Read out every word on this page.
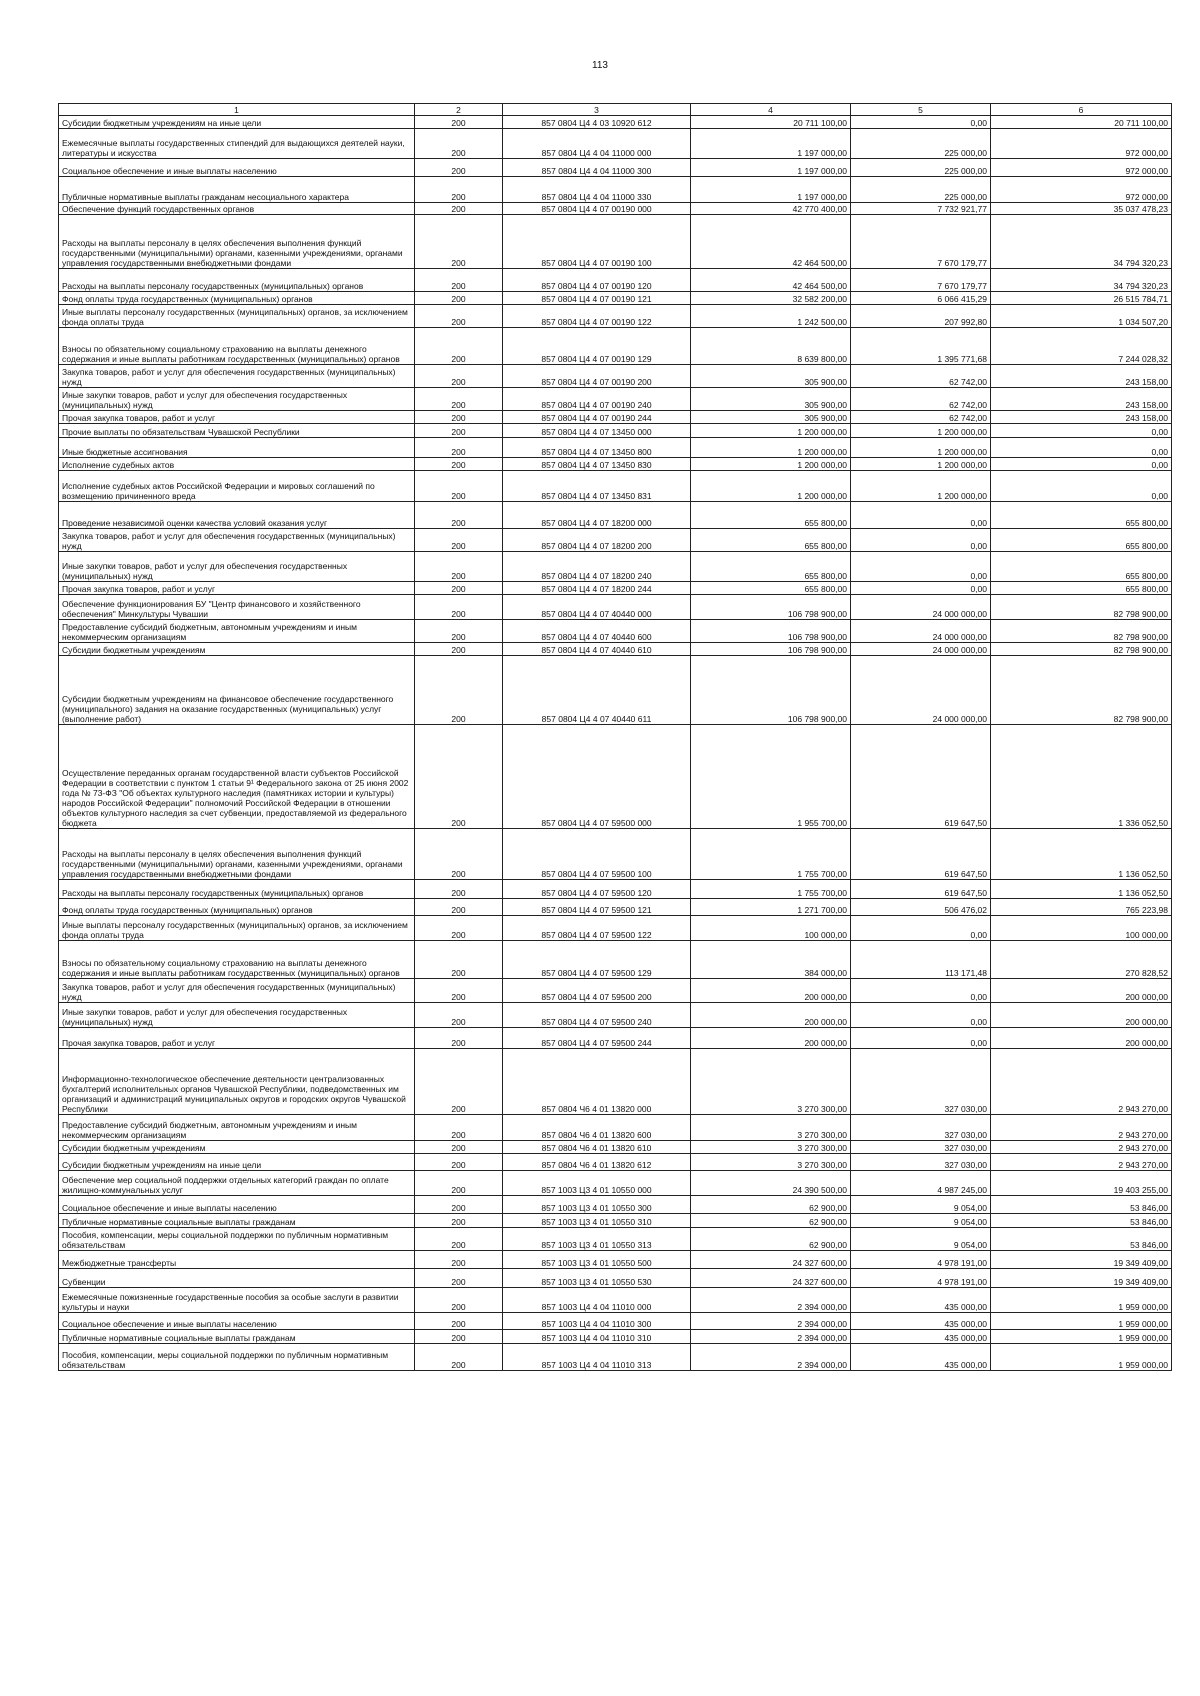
113
1	2	3	4	5	6
Субсидии бюджетным учреждениям на иные цели	200	857 0804 Ц4 4 03 10920 612	20 711 100,00	0,00	20 711 100,00
Ежемесячные выплаты государственных стипендий для выдающихся деятелей науки, литературы и искусства	200	857 0804 Ц4 4 04 11000 000	1 197 000,00	225 000,00	972 000,00
Социальное обеспечение и иные выплаты населению	200	857 0804 Ц4 4 04 11000 300	1 197 000,00	225 000,00	972 000,00
Публичные нормативные выплаты гражданам несоциального характера	200	857 0804 Ц4 4 04 11000 330	1 197 000,00	225 000,00	972 000,00
Обеспечение функций государственных органов	200	857 0804 Ц4 4 07 00190 000	42 770 400,00	7 732 921,77	35 037 478,23
Расходы на выплаты персоналу в целях обеспечения выполнения функций государственными (муниципальными) органами, казенными учреждениями, органами управления государственными внебюджетными фондами	200	857 0804 Ц4 4 07 00190 100	42 464 500,00	7 670 179,77	34 794 320,23
Расходы на выплаты персоналу государственных (муниципальных) органов	200	857 0804 Ц4 4 07 00190 120	42 464 500,00	7 670 179,77	34 794 320,23
Фонд оплаты труда государственных (муниципальных) органов	200	857 0804 Ц4 4 07 00190 121	32 582 200,00	6 066 415,29	26 515 784,71
Иные выплаты персоналу государственных (муниципальных) органов, за исключением фонда оплаты труда	200	857 0804 Ц4 4 07 00190 122	1 242 500,00	207 992,80	1 034 507,20
Взносы по обязательному социальному страхованию на выплаты денежного содержания и иные выплаты работникам государственных (муниципальных) органов	200	857 0804 Ц4 4 07 00190 129	8 639 800,00	1 395 771,68	7 244 028,32
Закупка товаров, работ и услуг для обеспечения государственных (муниципальных) нужд	200	857 0804 Ц4 4 07 00190 200	305 900,00	62 742,00	243 158,00
Иные закупки товаров, работ и услуг для обеспечения государственных (муниципальных) нужд	200	857 0804 Ц4 4 07 00190 240	305 900,00	62 742,00	243 158,00
Прочая закупка товаров, работ и услуг	200	857 0804 Ц4 4 07 00190 244	305 900,00	62 742,00	243 158,00
Прочие выплаты по обязательствам Чувашской Республики	200	857 0804 Ц4 4 07 13450 000	1 200 000,00	1 200 000,00	0,00
Иные бюджетные ассигнования	200	857 0804 Ц4 4 07 13450 800	1 200 000,00	1 200 000,00	0,00
Исполнение судебных актов	200	857 0804 Ц4 4 07 13450 830	1 200 000,00	1 200 000,00	0,00
Исполнение судебных актов Российской Федерации и мировых соглашений по возмещению причиненного вреда	200	857 0804 Ц4 4 07 13450 831	1 200 000,00	1 200 000,00	0,00
Проведение независимой оценки качества условий оказания услуг	200	857 0804 Ц4 4 07 18200 000	655 800,00	0,00	655 800,00
Закупка товаров, работ и услуг для обеспечения государственных (муниципальных) нужд	200	857 0804 Ц4 4 07 18200 200	655 800,00	0,00	655 800,00
Иные закупки товаров, работ и услуг для обеспечения государственных (муниципальных) нужд	200	857 0804 Ц4 4 07 18200 240	655 800,00	0,00	655 800,00
Прочая закупка товаров, работ и услуг	200	857 0804 Ц4 4 07 18200 244	655 800,00	0,00	655 800,00
Обеспечение функционирования БУ "Центр финансового и хозяйственного обеспечения" Минкультуры Чувашии	200	857 0804 Ц4 4 07 40440 000	106 798 900,00	24 000 000,00	82 798 900,00
Предоставление субсидий бюджетным, автономным учреждениям и иным некоммерческим организациям	200	857 0804 Ц4 4 07 40440 600	106 798 900,00	24 000 000,00	82 798 900,00
Субсидии бюджетным учреждениям	200	857 0804 Ц4 4 07 40440 610	106 798 900,00	24 000 000,00	82 798 900,00
Субсидии бюджетным учреждениям на финансовое обеспечение государственного (муниципального) задания на оказание государственных (муниципальных) услуг (выполнение работ)	200	857 0804 Ц4 4 07 40440 611	106 798 900,00	24 000 000,00	82 798 900,00
Осуществление переданных органам государственной власти субъектов Российской Федерации в соответствии с пунктом 1 статьи 9¹ Федерального закона от 25 июня 2002 года № 73-ФЗ "Об объектах культурного наследия (памятниках истории и культуры) народов Российской Федерации" полномочий Российской Федерации в отношении объектов культурного наследия за счет субвенции, предоставляемой из федерального бюджета	200	857 0804 Ц4 4 07 59500 000	1 955 700,00	619 647,50	1 336 052,50
Расходы на выплаты персоналу в целях обеспечения выполнения функций государственными (муниципальными) органами, казенными учреждениями, органами управления государственными внебюджетными фондами	200	857 0804 Ц4 4 07 59500 100	1 755 700,00	619 647,50	1 136 052,50
Расходы на выплаты персоналу государственных (муниципальных) органов	200	857 0804 Ц4 4 07 59500 120	1 755 700,00	619 647,50	1 136 052,50
Фонд оплаты труда государственных (муниципальных) органов	200	857 0804 Ц4 4 07 59500 121	1 271 700,00	506 476,02	765 223,98
Иные выплаты персоналу государственных (муниципальных) органов, за исключением фонда оплаты труда	200	857 0804 Ц4 4 07 59500 122	100 000,00	0,00	100 000,00
Взносы по обязательному социальному страхованию на выплаты денежного содержания и иные выплаты работникам государственных (муниципальных) органов	200	857 0804 Ц4 4 07 59500 129	384 000,00	113 171,48	270 828,52
Закупка товаров, работ и услуг для обеспечения государственных (муниципальных) нужд	200	857 0804 Ц4 4 07 59500 200	200 000,00	0,00	200 000,00
Иные закупки товаров, работ и услуг для обеспечения государственных (муниципальных) нужд	200	857 0804 Ц4 4 07 59500 240	200 000,00	0,00	200 000,00
Прочая закупка товаров, работ и услуг	200	857 0804 Ц4 4 07 59500 244	200 000,00	0,00	200 000,00
Информационно-технологическое обеспечение деятельности централизованных бухгалтерий исполнительных органов Чувашской Республики, подведомственных им организаций и администраций муниципальных округов и городских округов Чувашской Республики	200	857 0804 Ч6 4 01 13820 000	3 270 300,00	327 030,00	2 943 270,00
Предоставление субсидий бюджетным, автономным учреждениям и иным некоммерческим организациям	200	857 0804 Ч6 4 01 13820 600	3 270 300,00	327 030,00	2 943 270,00
Субсидии бюджетным учреждениям	200	857 0804 Ч6 4 01 13820 610	3 270 300,00	327 030,00	2 943 270,00
Субсидии бюджетным учреждениям на иные цели	200	857 0804 Ч6 4 01 13820 612	3 270 300,00	327 030,00	2 943 270,00
Обеспечение мер социальной поддержки отдельных категорий граждан по оплате жилищно-коммунальных услуг	200	857 1003 Ц3 4 01 10550 000	24 390 500,00	4 987 245,00	19 403 255,00
Социальное обеспечение и иные выплаты населению	200	857 1003 Ц3 4 01 10550 300	62 900,00	9 054,00	53 846,00
Публичные нормативные социальные выплаты гражданам	200	857 1003 Ц3 4 01 10550 310	62 900,00	9 054,00	53 846,00
Пособия, компенсации, меры социальной поддержки по публичным нормативным обязательствам	200	857 1003 Ц3 4 01 10550 313	62 900,00	9 054,00	53 846,00
Межбюджетные трансферты	200	857 1003 Ц3 4 01 10550 500	24 327 600,00	4 978 191,00	19 349 409,00
Субвенции	200	857 1003 Ц3 4 01 10550 530	24 327 600,00	4 978 191,00	19 349 409,00
Ежемесячные пожизненные государственные пособия за особые заслуги в развитии культуры и науки	200	857 1003 Ц4 4 04 11010 000	2 394 000,00	435 000,00	1 959 000,00
Социальное обеспечение и иные выплаты населению	200	857 1003 Ц4 4 04 11010 300	2 394 000,00	435 000,00	1 959 000,00
Публичные нормативные социальные выплаты гражданам	200	857 1003 Ц4 4 04 11010 310	2 394 000,00	435 000,00	1 959 000,00
Пособия, компенсации, меры социальной поддержки по публичным нормативным обязательствам	200	857 1003 Ц4 4 04 11010 313	2 394 000,00	435 000,00	1 959 000,00
